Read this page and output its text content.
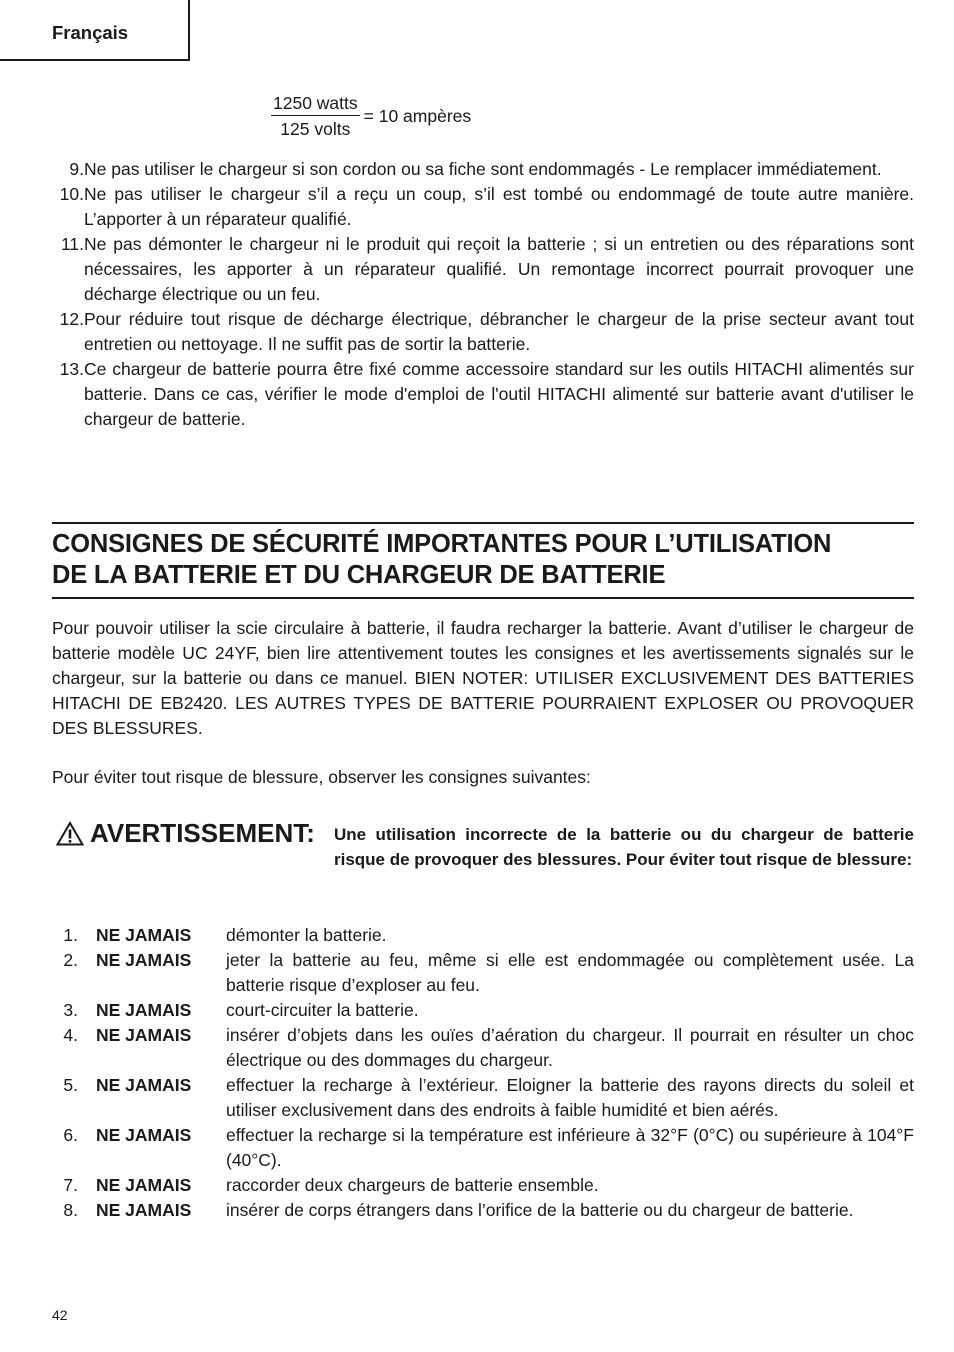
Français
$\frac{\text{1250 watts}}{\text{125 volts}} = 10$ ampères
9. Ne pas utiliser le chargeur si son cordon ou sa fiche sont endommagés - Le remplacer immédiatement.
10. Ne pas utiliser le chargeur s’il a reçu un coup, s’il est tombé ou endommagé de toute autre manière. L’apporter à un réparateur qualifié.
11. Ne pas démonter le chargeur ni le produit qui reçoit la batterie ; si un entretien ou des réparations sont nécessaires, les apporter à un réparateur qualifié. Un remontage incorrect pourrait provoquer une décharge électrique ou un feu.
12. Pour réduire tout risque de décharge électrique, débrancher le chargeur de la prise secteur avant tout entretien ou nettoyage. Il ne suffit pas de sortir la batterie.
13. Ce chargeur de batterie pourra être fixé comme accessoire standard sur les outils HITACHI alimentés sur batterie. Dans ce cas, vérifier le mode d'emploi de l'outil HITACHI alimenté sur batterie avant d'utiliser le chargeur de batterie.
CONSIGNES DE SÉCURITÉ IMPORTANTES POUR L’UTILISATION
DE LA BATTERIE ET DU CHARGEUR DE BATTERIE
Pour pouvoir utiliser la scie circulaire à batterie, il faudra recharger la batterie. Avant d’utiliser le chargeur de batterie modèle UC 24YF, bien lire attentivement toutes les consignes et les avertissements signalés sur le chargeur, sur la batterie ou dans ce manuel. BIEN NOTER: UTILISER EXCLUSIVEMENT DES BATTERIES HITACHI DE EB2420. LES AUTRES TYPES DE BATTERIE POURRAIENT EXPLOSER OU PROVOQUER DES BLESSURES.
Pour éviter tout risque de blessure, observer les consignes suivantes:
AVERTISSEMENT: Une utilisation incorrecte de la batterie ou du chargeur de batterie risque de provoquer des blessures. Pour éviter tout risque de blessure:
1.	NE JAMAIS	démonter la batterie.
2.	NE JAMAIS	jeter la batterie au feu, même si elle est endommagée ou complètement usée. La batterie risque d’exploser au feu.
3.	NE JAMAIS	court-circuiter la batterie.
4.	NE JAMAIS	insérer d’objets dans les ouïes d’aération du chargeur. Il pourrait en résulter un choc électrique ou des dommages du chargeur.
5.	NE JAMAIS	effectuer la recharge à l’extérieur. Eloigner la batterie des rayons directs du soleil et utiliser exclusivement dans des endroits à faible humidité et bien aérés.
6.	NE JAMAIS	effectuer la recharge si la température est inférieure à 32°F (0°C) ou supérieure à 104°F (40°C).
7.	NE JAMAIS	raccorder deux chargeurs de batterie ensemble.
8.	NE JAMAIS	insérer de corps étrangers dans l’orifice de la batterie ou du chargeur de batterie.
42
